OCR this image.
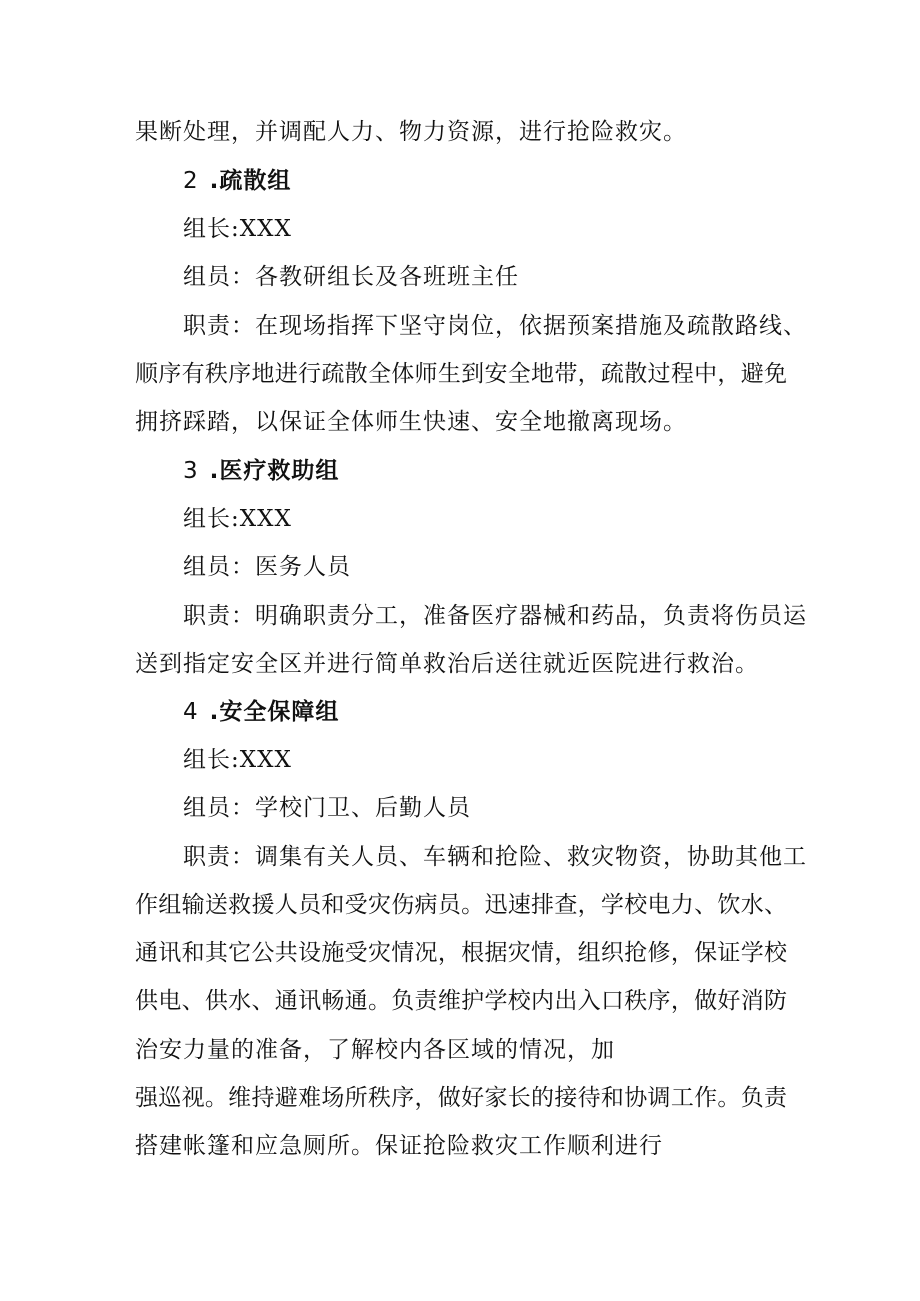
果断处理，并调配人力、物力资源，进行抢险救灾。
2 .疏散组
组长:XXX
组员：各教研组长及各班班主任
职责：在现场指挥下坚守岗位，依据预案措施及疏散路线、
顺序有秩序地进行疏散全体师生到安全地带，疏散过程中，避免
拥挤踩踏，以保证全体师生快速、安全地撤离现场。
3 .医疗救助组
组长:XXX
组员：医务人员
职责：明确职责分工，准备医疗器械和药品，负责将伤员运
送到指定安全区并进行简单救治后送往就近医院进行救治。
4 .安全保障组
组长:XXX
组员：学校门卫、后勤人员
职责：调集有关人员、车辆和抢险、救灾物资，协助其他工
作组输送救援人员和受灾伤病员。迅速排查，学校电力、饮水、
通讯和其它公共设施受灾情况，根据灾情，组织抢修，保证学校
供电、供水、通讯畅通。负责维护学校内出入口秩序，做好消防
治安力量的准备，了解校内各区域的情况，加
强巡视。维持避难场所秩序，做好家长的接待和协调工作。负责
搭建帐篷和应急厕所。保证抢险救灾工作顺利进行
